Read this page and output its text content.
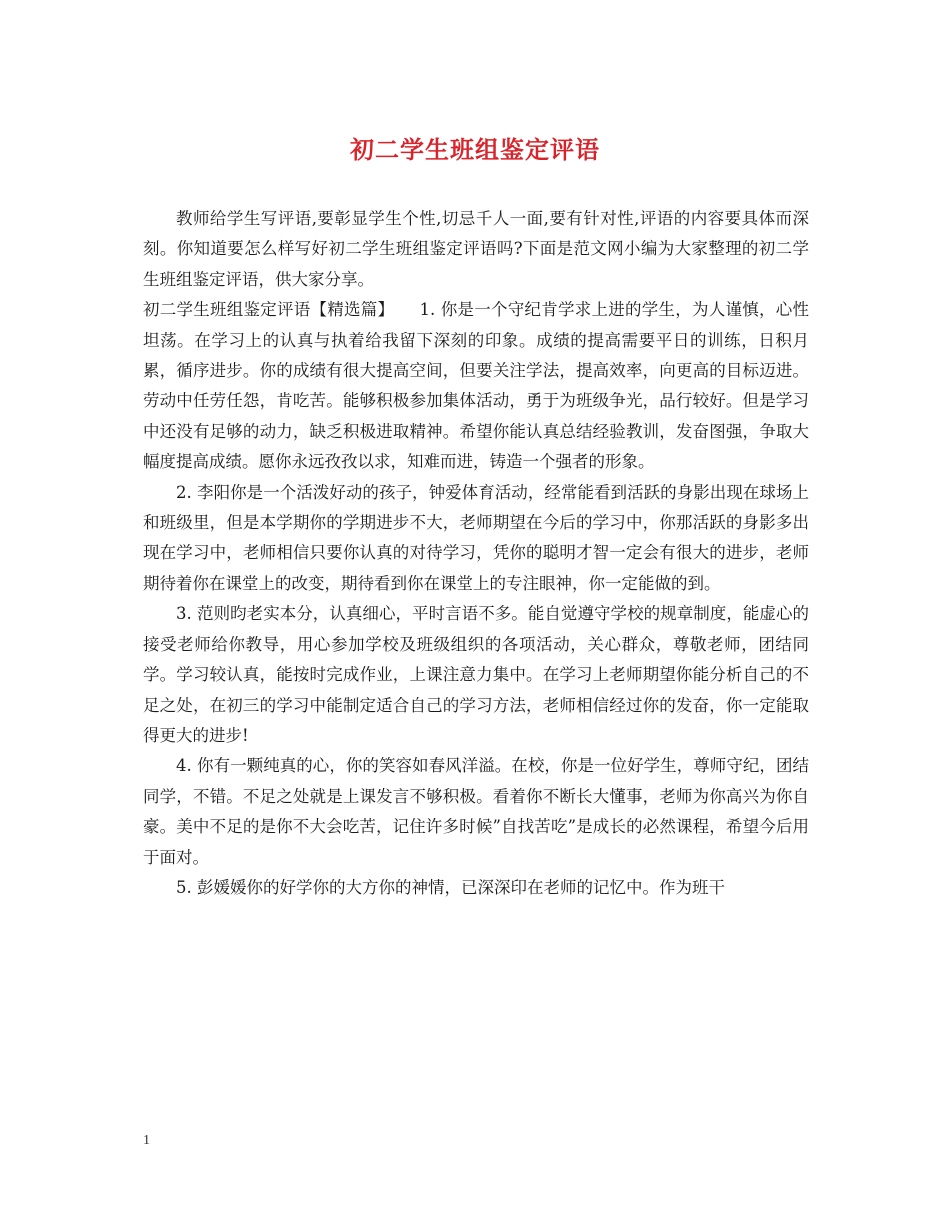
初二学生班组鉴定评语

教师给学生写评语,要彰显学生个性,切忌千人一面,要有针对性,评语的内容要具体而深刻。你知道要怎么样写好初二学生班组鉴定评语吗?下面是范文网小编为大家整理的初二学生班组鉴定评语，供大家分享。

初二学生班组鉴定评语【精选篇】　　1. 你是一个守纪肯学求上进的学生，为人谨慎，心性坦荡。在学习上的认真与执着给我留下深刻的印象。成绩的提高需要平日的训练，日积月累，循序进步。你的成绩有很大提高空间，但要关注学法，提高效率，向更高的目标迈进。劳动中任劳任怨，肯吃苦。能够积极参加集体活动，勇于为班级争光，品行较好。但是学习中还没有足够的动力，缺乏积极进取精神。希望你能认真总结经验教训，发奋图强，争取大幅度提高成绩。愿你永远孜孜以求，知难而进，铸造一个强者的形象。

2. 李阳你是一个活泼好动的孩子，钟爱体育活动，经常能看到活跃的身影出现在球场上和班级里，但是本学期你的学期进步不大，老师期望在今后的学习中，你那活跃的身影多出现在学习中，老师相信只要你认真的对待学习，凭你的聪明才智一定会有很大的进步，老师期待着你在课堂上的改变，期待看到你在课堂上的专注眼神，你一定能做的到。

3. 范则昀老实本分，认真细心，平时言语不多。能自觉遵守学校的规章制度，能虚心的接受老师给你教导，用心参加学校及班级组织的各项活动，关心群众，尊敬老师，团结同学。学习较认真，能按时完成作业，上课注意力集中。在学习上老师期望你能分析自己的不足之处，在初三的学习中能制定适合自己的学习方法，老师相信经过你的发奋，你一定能取得更大的进步!

4. 你有一颗纯真的心，你的笑容如春风洋溢。在校，你是一位好学生，尊师守纪，团结同学，不错。不足之处就是上课发言不够积极。看着你不断长大懂事，老师为你高兴为你自豪。美中不足的是你不大会吃苦，记住许多时候”自找苦吃”是成长的必然课程，希望今后用于面对。

5. 彭媛媛你的好学你的大方你的神情，已深深印在老师的记忆中。作为班干

1
